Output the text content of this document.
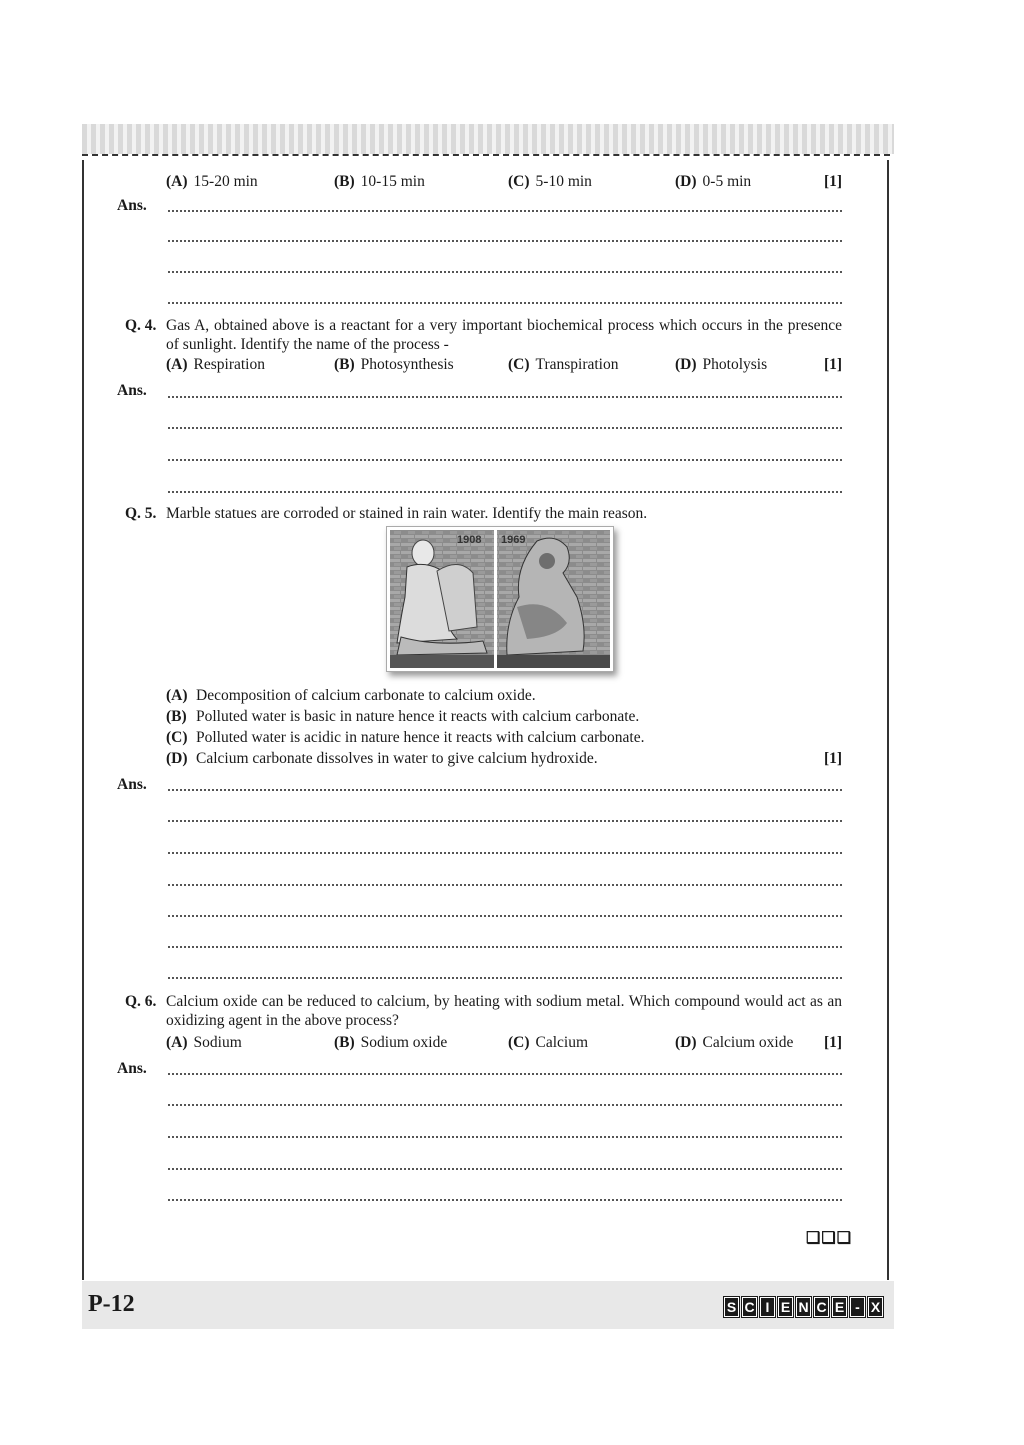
(A) 15-20 min	(B) 10-15 min	(C) 5-10 min	(D) 0-5 min	[1]
Ans.
Q. 4. Gas A, obtained above is a reactant for a very important biochemical process which occurs in the presence of sunlight. Identify the name of the process -
(A) Respiration	(B) Photosynthesis	(C) Transpiration	(D) Photolysis	[1]
Ans.
Q. 5. Marble statues are corroded or stained in rain water. Identify the main reason.
1908 1969
(A) Decomposition of calcium carbonate to calcium oxide.
(B) Polluted water is basic in nature hence it reacts with calcium carbonate.
(C) Polluted water is acidic in nature hence it reacts with calcium carbonate.
(D) Calcium carbonate dissolves in water to give calcium hydroxide.	[1]
Ans.
Q. 6. Calcium oxide can be reduced to calcium, by heating with sodium metal. Which compound would act as an oxidizing agent in the above process?
(A) Sodium	(B) Sodium oxide	(C) Calcium	(D) Calcium oxide [1]
Ans.
❑❑❑
P-12	S C I E N C E - X
